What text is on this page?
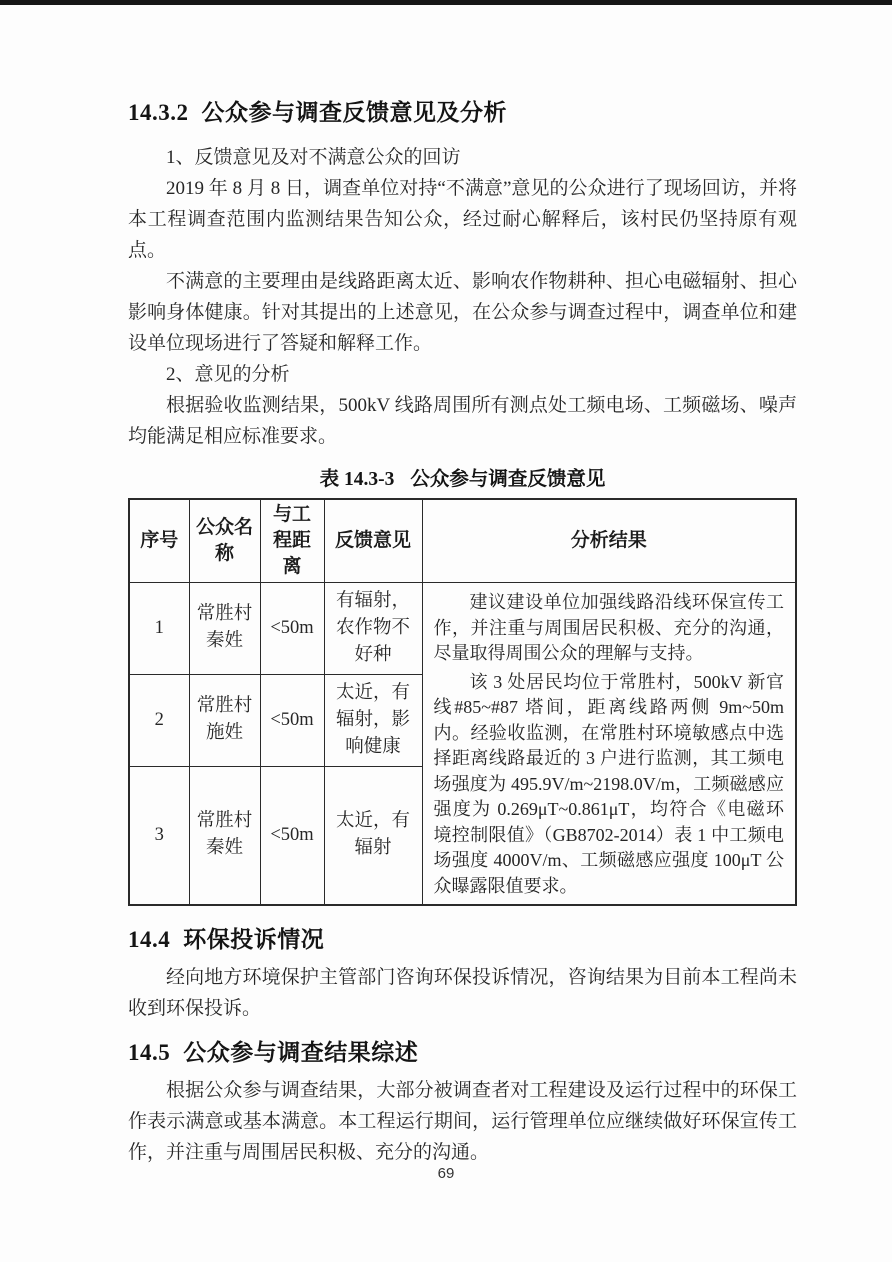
14.3.2 公众参与调查反馈意见及分析
1、反馈意见及对不满意公众的回访

2019 年 8 月 8 日，调查单位对持“不满意”意见的公众进行了现场回访，并将本工程调查范围内监测结果告知公众，经过耐心解释后，该村民仍坚持原有观点。

不满意的主要理由是线路距离太近、影响农作物耕种、担心电磁辐射、担心影响身体健康。针对其提出的上述意见，在公众参与调查过程中，调查单位和建设单位现场进行了答疑和解释工作。

2、意见的分析

根据验收监测结果，500kV 线路周围所有测点处工频电场、工频磁场、噪声均能满足相应标准要求。

表 14.3-3 公众参与调查反馈意见
序号	公众名称	与工程距离	反馈意见	分析结果
1	常胜村秦姓	<50m	有辐射，农作物不好种	建议建设单位加强线路沿线环保宣传工作，并注重与周围居民积极、充分的沟通，尽量取得周围公众的理解与支持。

该 3 处居民均位于常胜村，500kV 新官线#85~#87 塔间，距离线路两侧 9m~50m 内。经验收监测，在常胜村环境敏感点中选择距离线路最近的 3 户进行监测，其工频电场强度为 495.9V/m~2198.0V/m，工频磁感应强度为 0.269μT~0.861μT，均符合《电磁环境控制限值》（GB8702-2014）表 1 中工频电场强度 4000V/m、工频磁感应强度 100μT 公众曝露限值要求。

2	常胜村施姓	<50m	太近，有辐射，影响健康	
3	常胜村秦姓	<50m	太近，有辐射	
14.4 环保投诉情况

经向地方环境保护主管部门咨询环保投诉情况，咨询结果为目前本工程尚未收到环保投诉。

14.5 公众参与调查结果综述

根据公众参与调查结果，大部分被调查者对工程建设及运行过程中的环保工作表示满意或基本满意。本工程运行期间，运行管理单位应继续做好环保宣传工作，并注重与周围居民积极、充分的沟通。

69
